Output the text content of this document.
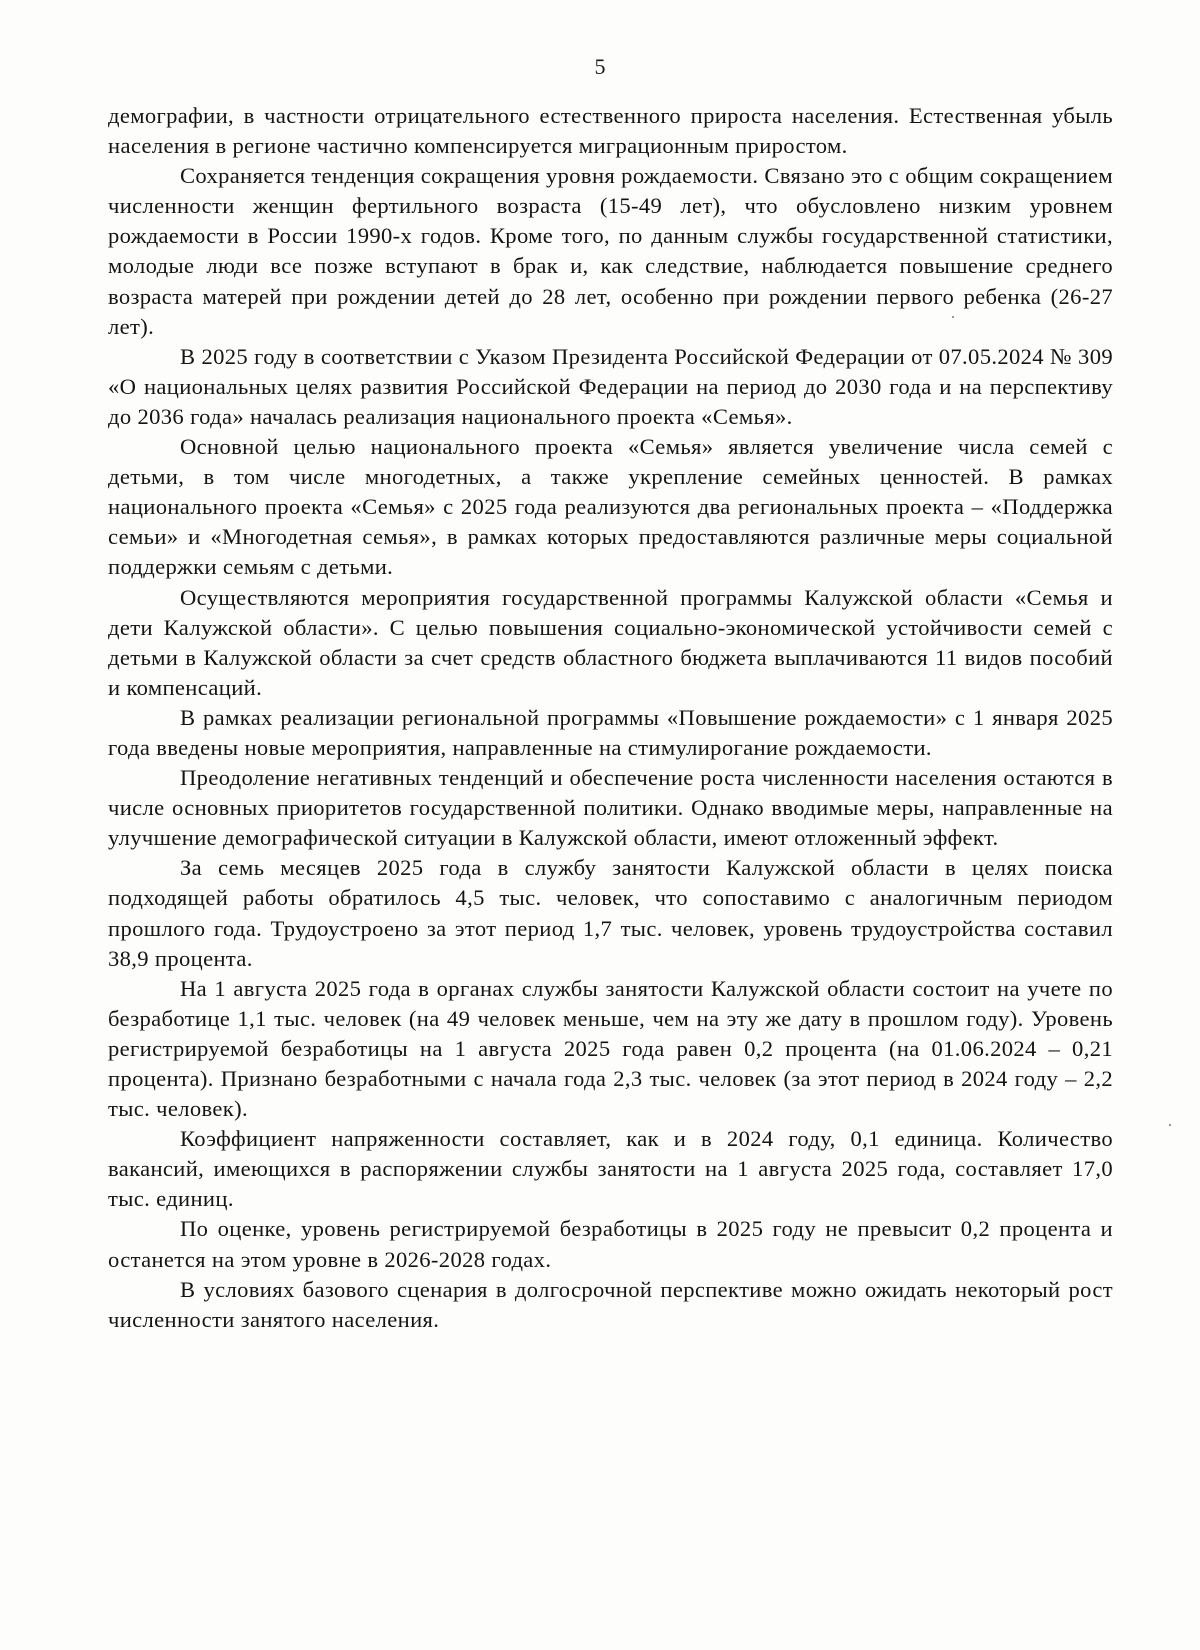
5

демографии, в частности отрицательного естественного прироста населения. Естественная убыль населения в регионе частично компенсируется миграционным приростом.

Сохраняется тенденция сокращения уровня рождаемости. Связано это с общим сокращением численности женщин фертильного возраста (15-49 лет), что обусловлено низким уровнем рождаемости в России 1990-х годов. Кроме того, по данным службы государственной статистики, молодые люди все позже вступают в брак и, как следствие, наблюдается повышение среднего возраста матерей при рождении детей до 28 лет, особенно при рождении первого ребенка (26-27 лет).

В 2025 году в соответствии с Указом Президента Российской Федерации от 07.05.2024 № 309 «О национальных целях развития Российской Федерации на период до 2030 года и на перспективу до 2036 года» началась реализация национального проекта «Семья».

Основной целью национального проекта «Семья» является увеличение числа семей с детьми, в том числе многодетных, а также укрепление семейных ценностей. В рамках национального проекта «Семья» с 2025 года реализуются два региональных проекта – «Поддержка семьи» и «Многодетная семья», в рамках которых предоставляются различные меры социальной поддержки семьям с детьми.

Осуществляются мероприятия государственной программы Калужской области «Семья и дети Калужской области». С целью повышения социально-экономической устойчивости семей с детьми в Калужской области за счет средств областного бюджета выплачиваются 11 видов пособий и компенсаций.

В рамках реализации региональной программы «Повышение рождаемости» с 1 января 2025 года введены новые мероприятия, направленные на стимулирогание рождаемости.

Преодоление негативных тенденций и обеспечение роста численности населения остаются в числе основных приоритетов государственной политики. Однако вводимые меры, направленные на улучшение демографической ситуации в Калужской области, имеют отложенный эффект.

За семь месяцев 2025 года в службу занятости Калужской области в целях поиска подходящей работы обратилось 4,5 тыс. человек, что сопоставимо с аналогичным периодом прошлого года. Трудоустроено за этот период 1,7 тыс. человек, уровень трудоустройства составил 38,9 процента.

На 1 августа 2025 года в органах службы занятости Калужской области состоит на учете по безработице 1,1 тыс. человек (на 49 человек меньше, чем на эту же дату в прошлом году). Уровень регистрируемой безработицы на 1 августа 2025 года равен 0,2 процента (на 01.06.2024 – 0,21 процента). Признано безработными с начала года 2,3 тыс. человек (за этот период в 2024 году – 2,2 тыс. человек).

Коэффициент напряженности составляет, как и в 2024 году, 0,1 единица. Количество вакансий, имеющихся в распоряжении службы занятости на 1 августа 2025 года, составляет 17,0 тыс. единиц.

По оценке, уровень регистрируемой безработицы в 2025 году не превысит 0,2 процента и останется на этом уровне в 2026-2028 годах.

В условиях базового сценария в долгосрочной перспективе можно ожидать некоторый рост численности занятого населения.
